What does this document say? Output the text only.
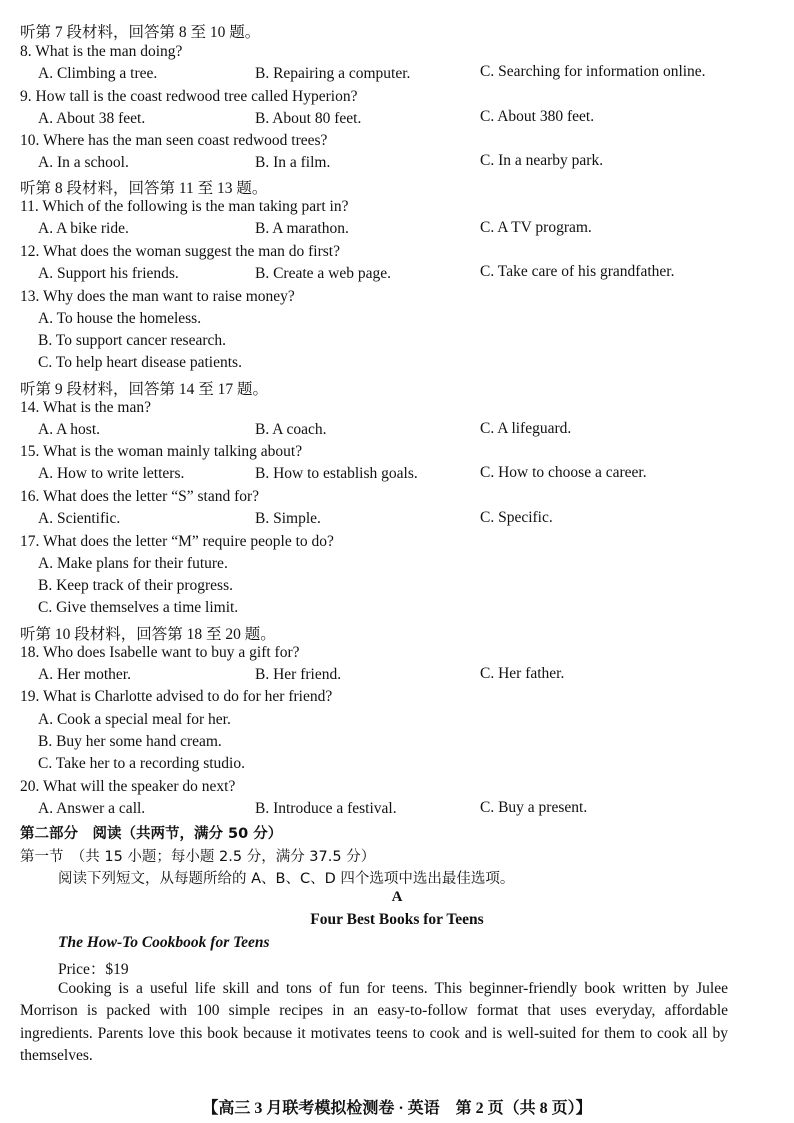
听第 7 段材料，回答第 8 至 10 题。
8. What is the man doing?
A. Climbing a tree.	B. Repairing a computer.	C. Searching for information online.
9. How tall is the coast redwood tree called Hyperion?
A. About 38 feet.	B. About 80 feet.	C. About 380 feet.
10. Where has the man seen coast redwood trees?
A. In a school.	B. In a film.	C. In a nearby park.
听第 8 段材料，回答第 11 至 13 题。
11. Which of the following is the man taking part in?
A. A bike ride.	B. A marathon.	C. A TV program.
12. What does the woman suggest the man do first?
A. Support his friends.	B. Create a web page.	C. Take care of his grandfather.
13. Why does the man want to raise money?
A. To house the homeless.
B. To support cancer research.
C. To help heart disease patients.
听第 9 段材料，回答第 14 至 17 题。
14. What is the man?
A. A host.	B. A coach.	C. A lifeguard.
15. What is the woman mainly talking about?
A. How to write letters.	B. How to establish goals.	C. How to choose a career.
16. What does the letter “S” stand for?
A. Scientific.	B. Simple.	C. Specific.
17. What does the letter “M” require people to do?
A. Make plans for their future.
B. Keep track of their progress.
C. Give themselves a time limit.
听第 10 段材料，回答第 18 至 20 题。
18. Who does Isabelle want to buy a gift for?
A. Her mother.	B. Her friend.	C. Her father.
19. What is Charlotte advised to do for her friend?
A. Cook a special meal for her.
B. Buy her some hand cream.
C. Take her to a recording studio.
20. What will the speaker do next?
A. Answer a call.	B. Introduce a festival.	C. Buy a present.
第二部分　阅读（共两节，满分 50 分）
第一节　（共 15 小题；每小题 2.5 分，满分 37.5 分）
阅读下列短文，从每题所给的 A、B、C、D 四个选项中选出最佳选项。
A
Four Best Books for Teens
The How-To Cookbook for Teens
Price：$19
Cooking is a useful life skill and tons of fun for teens. This beginner-friendly book written by Julee Morrison is packed with 100 simple recipes in an easy-to-follow format that uses everyday, affordable ingredients. Parents love this book because it motivates teens to cook and is well-suited for them to cook all by themselves.
【高三 3 月联考模拟检测卷 · 英语　第 2 页（共 8 页）】
